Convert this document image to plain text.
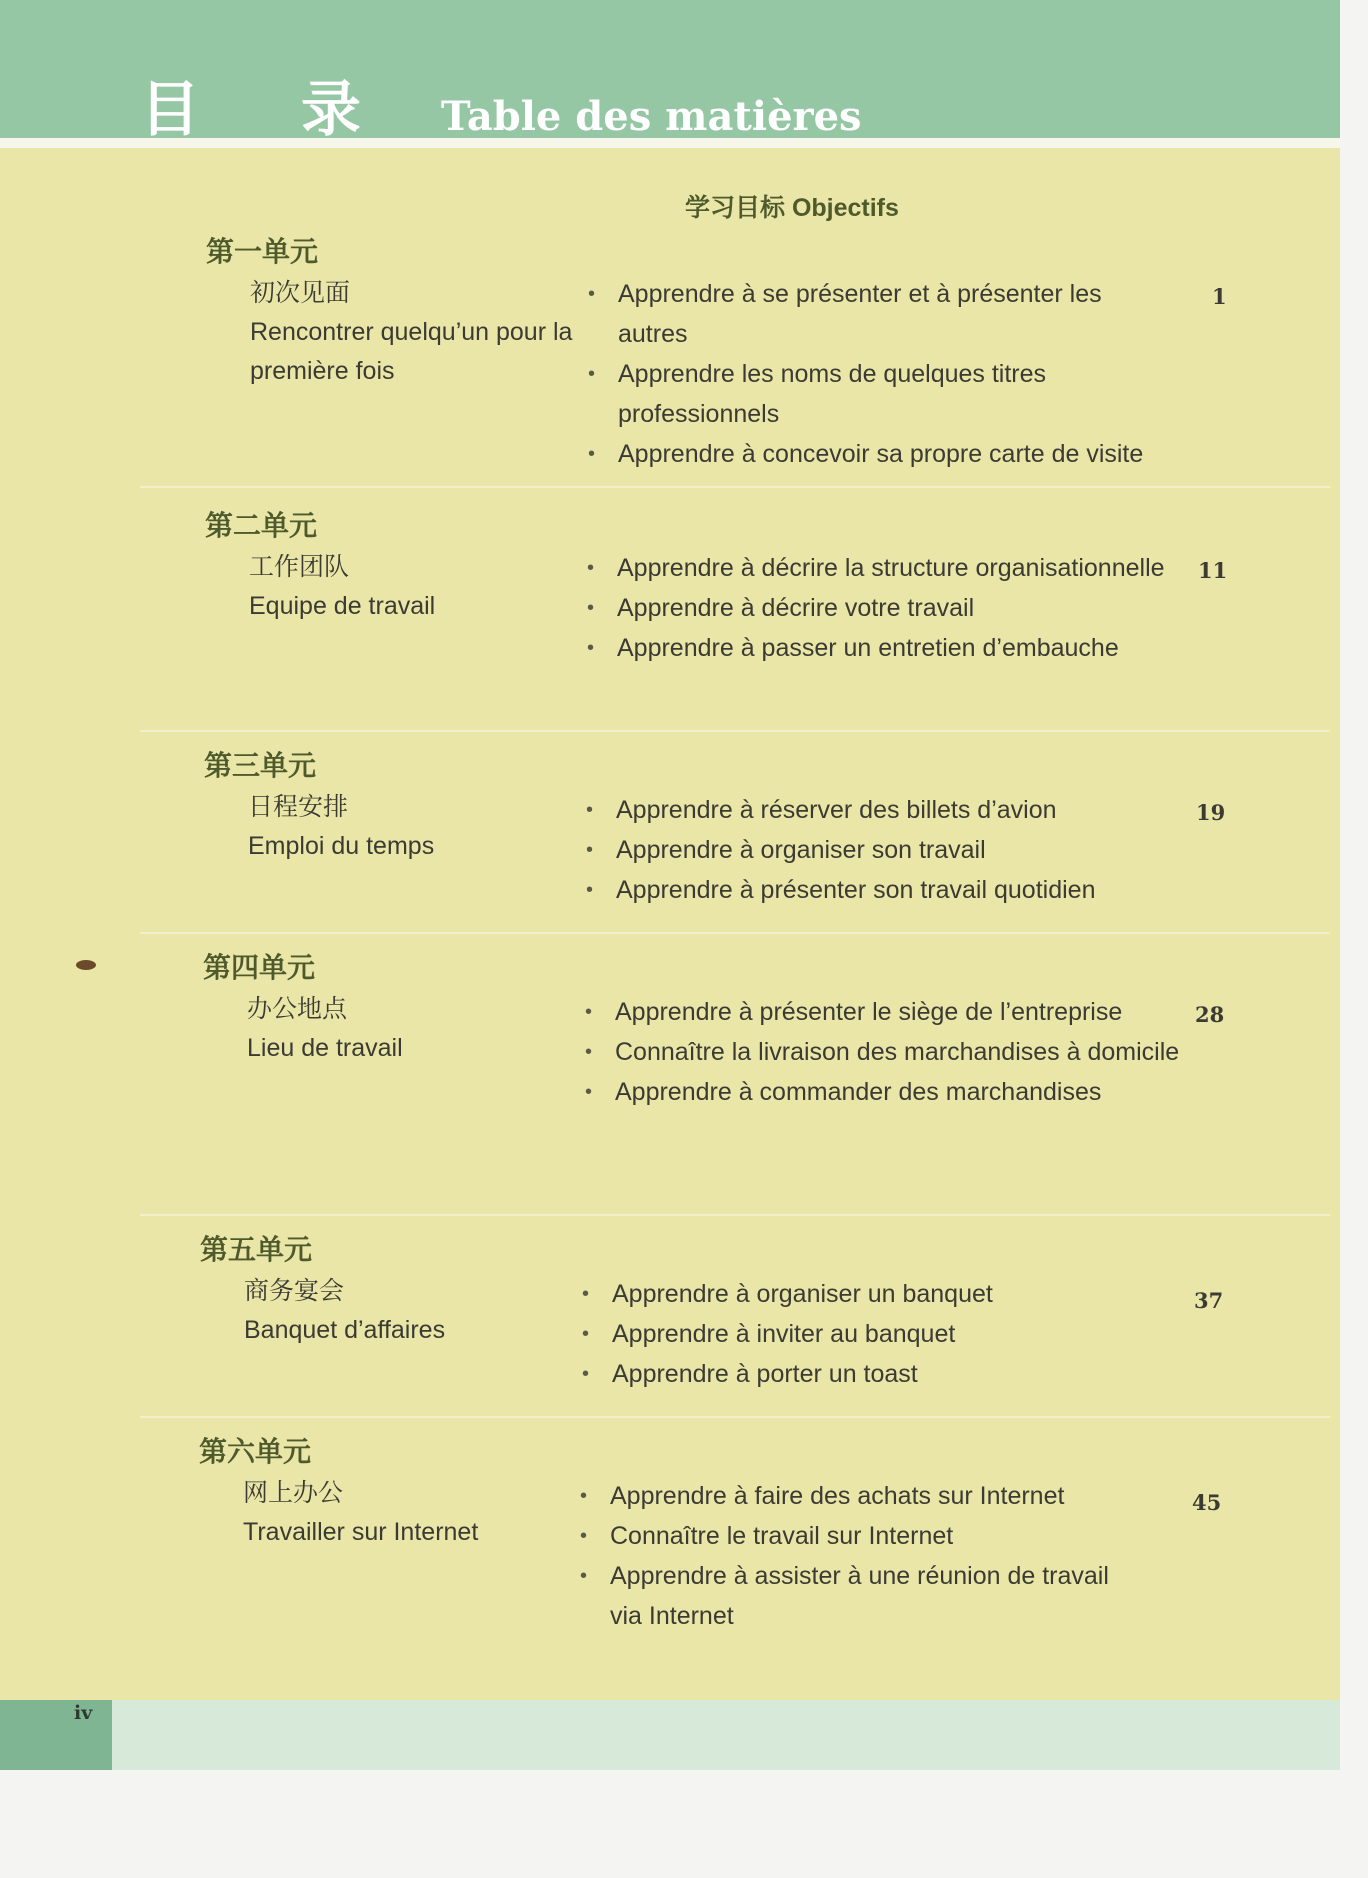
目 录 Table des matières
学习目标 Objectifs
第一单元
初次见面
Rencontrer quelqu’un pour la première fois
• Apprendre à se présenter et à présenter les autres
• Apprendre les noms de quelques titres professionnels
• Apprendre à concevoir sa propre carte de visite
1
第二单元
工作团队
Equipe de travail
• Apprendre à décrire la structure organisationnelle
• Apprendre à décrire votre travail
• Apprendre à passer un entretien d’embauche
11
第三单元
日程安排
Emploi du temps
• Apprendre à réserver des billets d’avion
• Apprendre à organiser son travail
• Apprendre à présenter son travail quotidien
19
第四单元
办公地点
Lieu de travail
• Apprendre à présenter le siège de l’entreprise
• Connaître la livraison des marchandises à domicile
• Apprendre à commander des marchandises
28
第五单元
商务宴会
Banquet d’affaires
• Apprendre à organiser un banquet
• Apprendre à inviter au banquet
• Apprendre à porter un toast
37
第六单元
网上办公
Travailler sur Internet
• Apprendre à faire des achats sur Internet
• Connaître le travail sur Internet
• Apprendre à assister à une réunion de travail via Internet
45
iv
